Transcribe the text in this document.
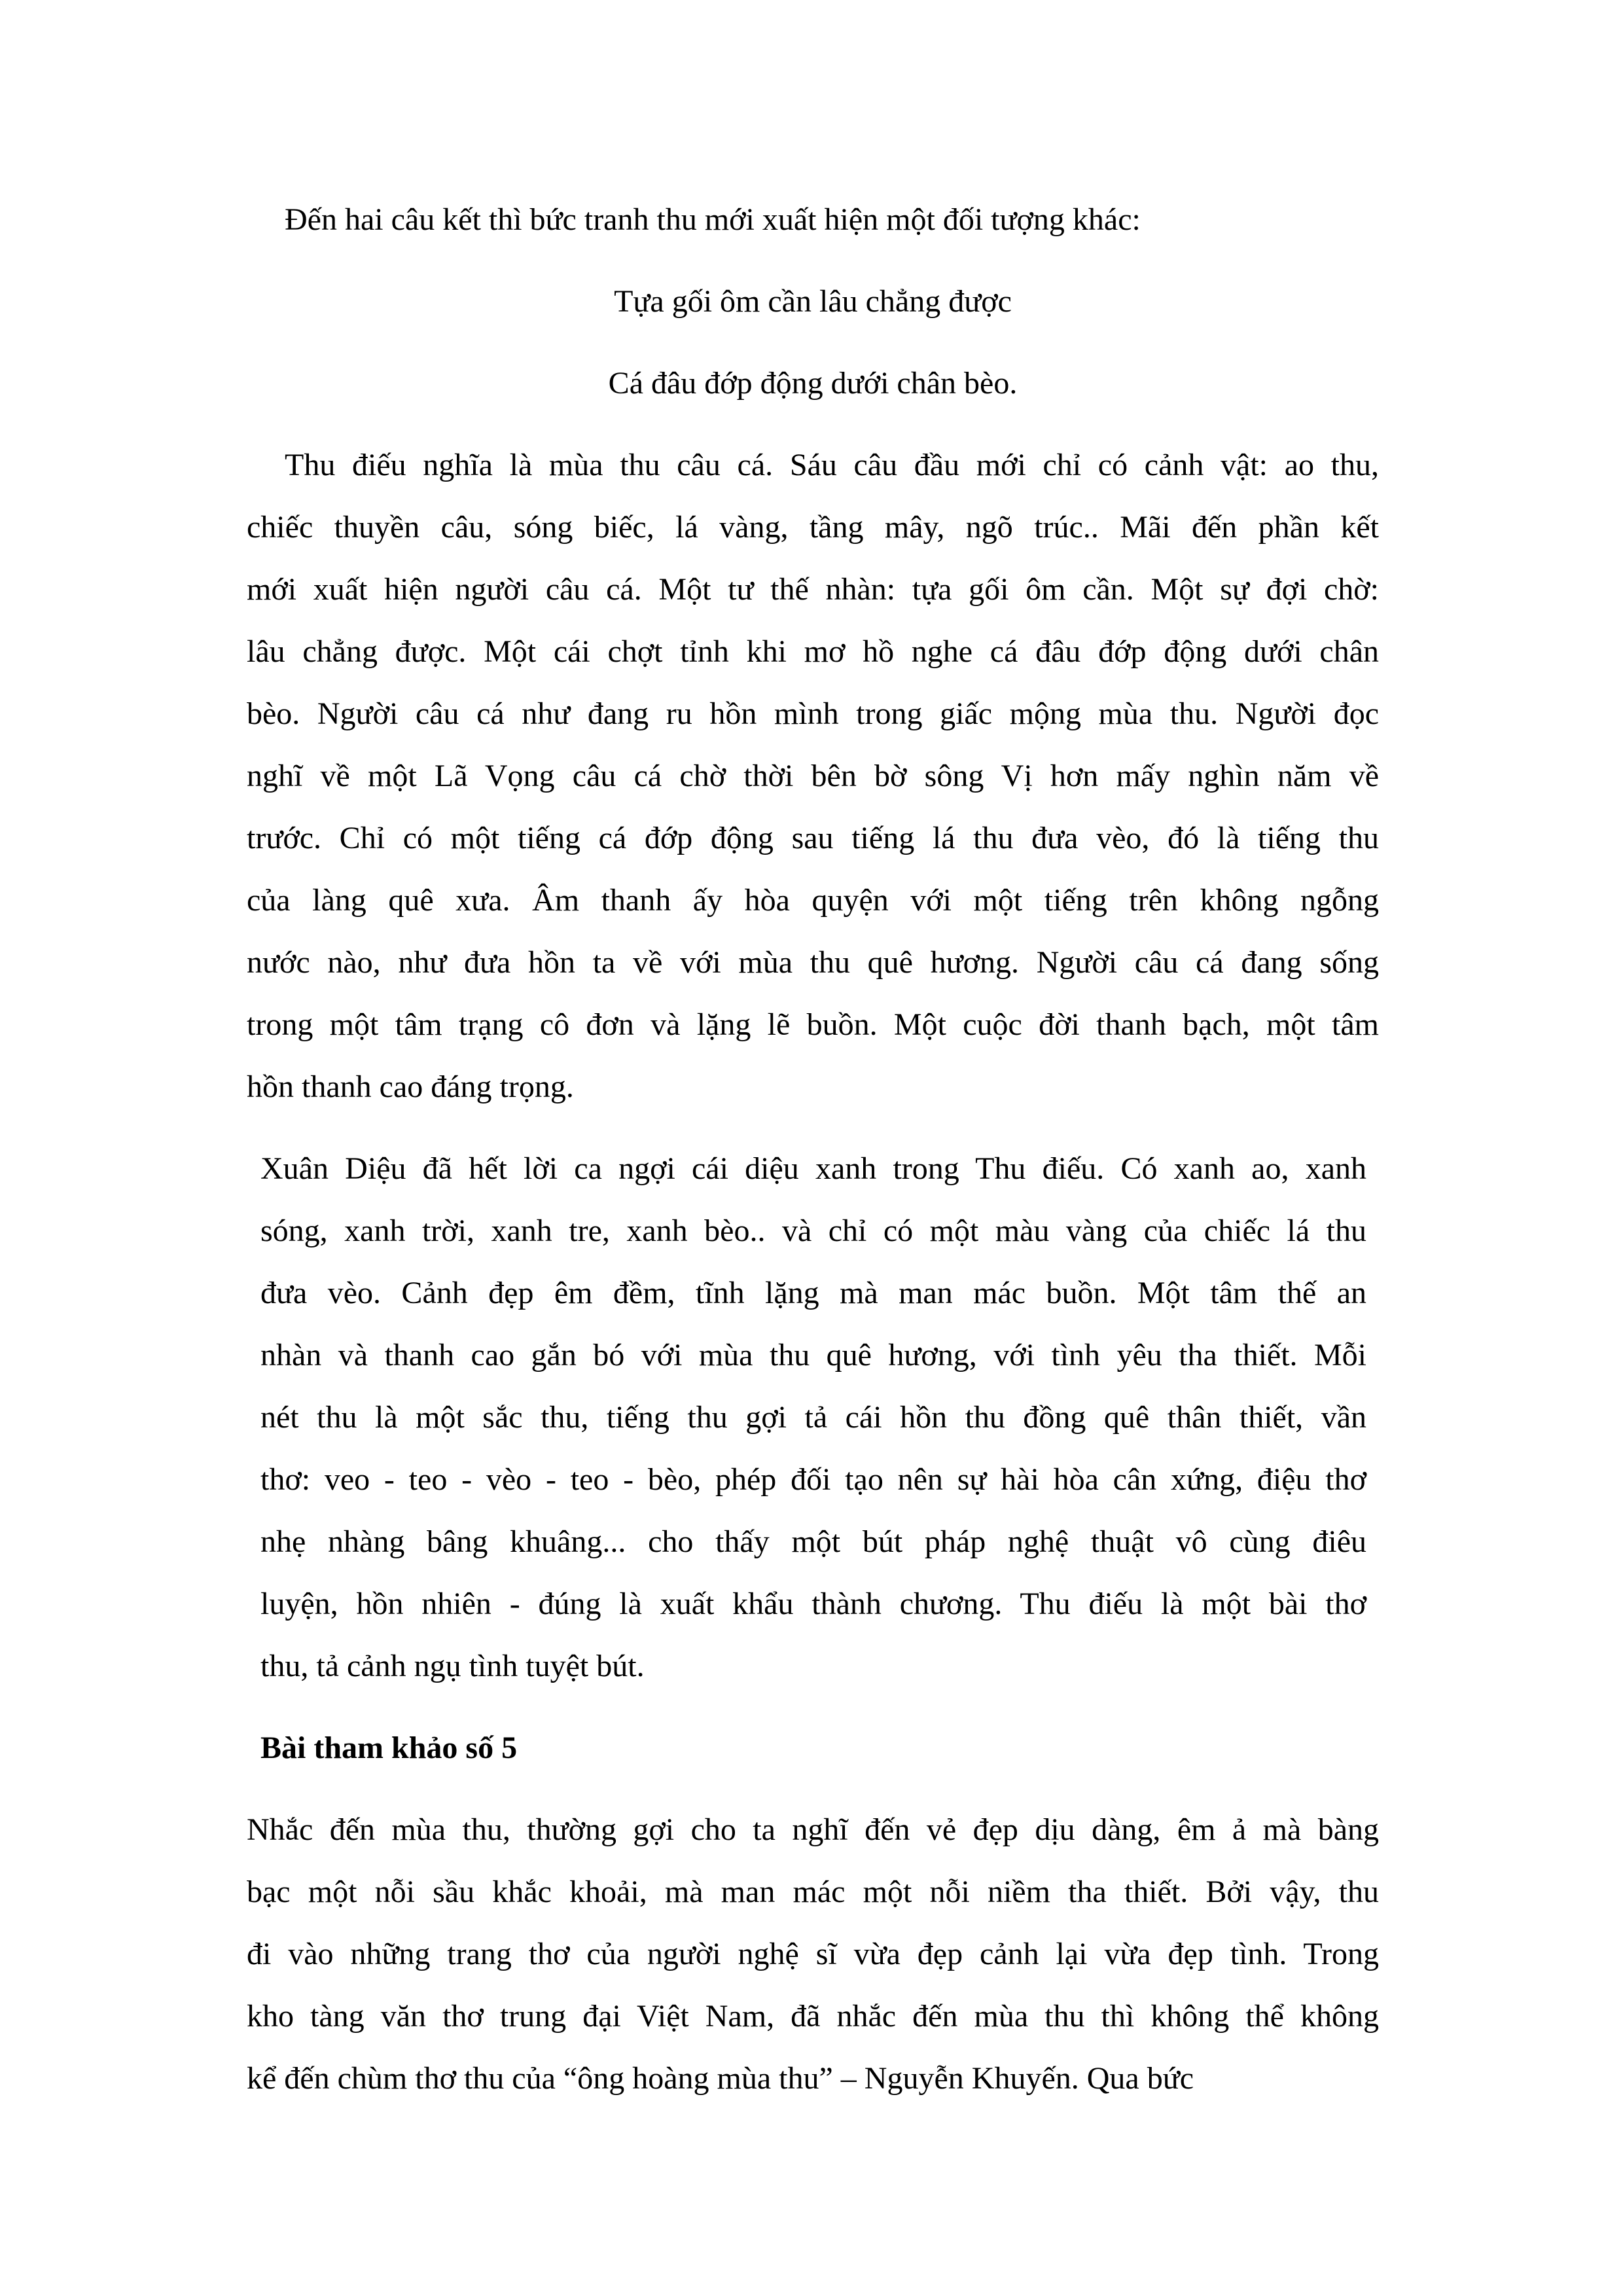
Đến hai câu kết thì bức tranh thu mới xuất hiện một đối tượng khác:
Tựa gối ôm cần lâu chẳng được
Cá đâu đớp động dưới chân bèo.
Thu điếu nghĩa là mùa thu câu cá. Sáu câu đầu mới chỉ có cảnh vật: ao thu,
chiếc thuyền câu, sóng biếc, lá vàng, tầng mây, ngõ trúc.. Mãi đến phần kết
mới xuất hiện người câu cá. Một tư thế nhàn: tựa gối ôm cần. Một sự đợi chờ:
lâu chẳng được. Một cái chợt tỉnh khi mơ hồ nghe cá đâu đớp động dưới chân
bèo. Người câu cá như đang ru hồn mình trong giấc mộng mùa thu. Người đọc
nghĩ về một Lã Vọng câu cá chờ thời bên bờ sông Vị hơn mấy nghìn năm về
trước. Chỉ có một tiếng cá đớp động sau tiếng lá thu đưa vèo, đó là tiếng thu
của làng quê xưa. Âm thanh ấy hòa quyện với một tiếng trên không ngỗng
nước nào, như đưa hồn ta về với mùa thu quê hương. Người câu cá đang sống
trong một tâm trạng cô đơn và lặng lẽ buồn. Một cuộc đời thanh bạch, một tâm
hồn thanh cao đáng trọng.
Xuân Diệu đã hết lời ca ngợi cái diệu xanh trong Thu điếu. Có xanh ao, xanh
sóng, xanh trời, xanh tre, xanh bèo.. và chỉ có một màu vàng của chiếc lá thu
đưa vèo. Cảnh đẹp êm đềm, tĩnh lặng mà man mác buồn. Một tâm thế an
nhàn và thanh cao gắn bó với mùa thu quê hương, với tình yêu tha thiết. Mỗi
nét thu là một sắc thu, tiếng thu gợi tả cái hồn thu đồng quê thân thiết, vần
thơ: veo - teo - vèo - teo - bèo, phép đối tạo nên sự hài hòa cân xứng, điệu thơ
nhẹ nhàng bâng khuâng... cho thấy một bút pháp nghệ thuật vô cùng điêu
luyện, hồn nhiên - đúng là xuất khẩu thành chương. Thu điếu là một bài thơ
thu, tả cảnh ngụ tình tuyệt bút.
Bài tham khảo số 5
Nhắc đến mùa thu, thường gợi cho ta nghĩ đến vẻ đẹp dịu dàng, êm ả mà bàng
bạc một nỗi sầu khắc khoải, mà man mác một nỗi niềm tha thiết. Bởi vậy, thu
đi vào những trang thơ của người nghệ sĩ vừa đẹp cảnh lại vừa đẹp tình. Trong
kho tàng văn thơ trung đại Việt Nam, đã nhắc đến mùa thu thì không thể không
kể đến chùm thơ thu của “ông hoàng mùa thu” – Nguyễn Khuyến. Qua bức
